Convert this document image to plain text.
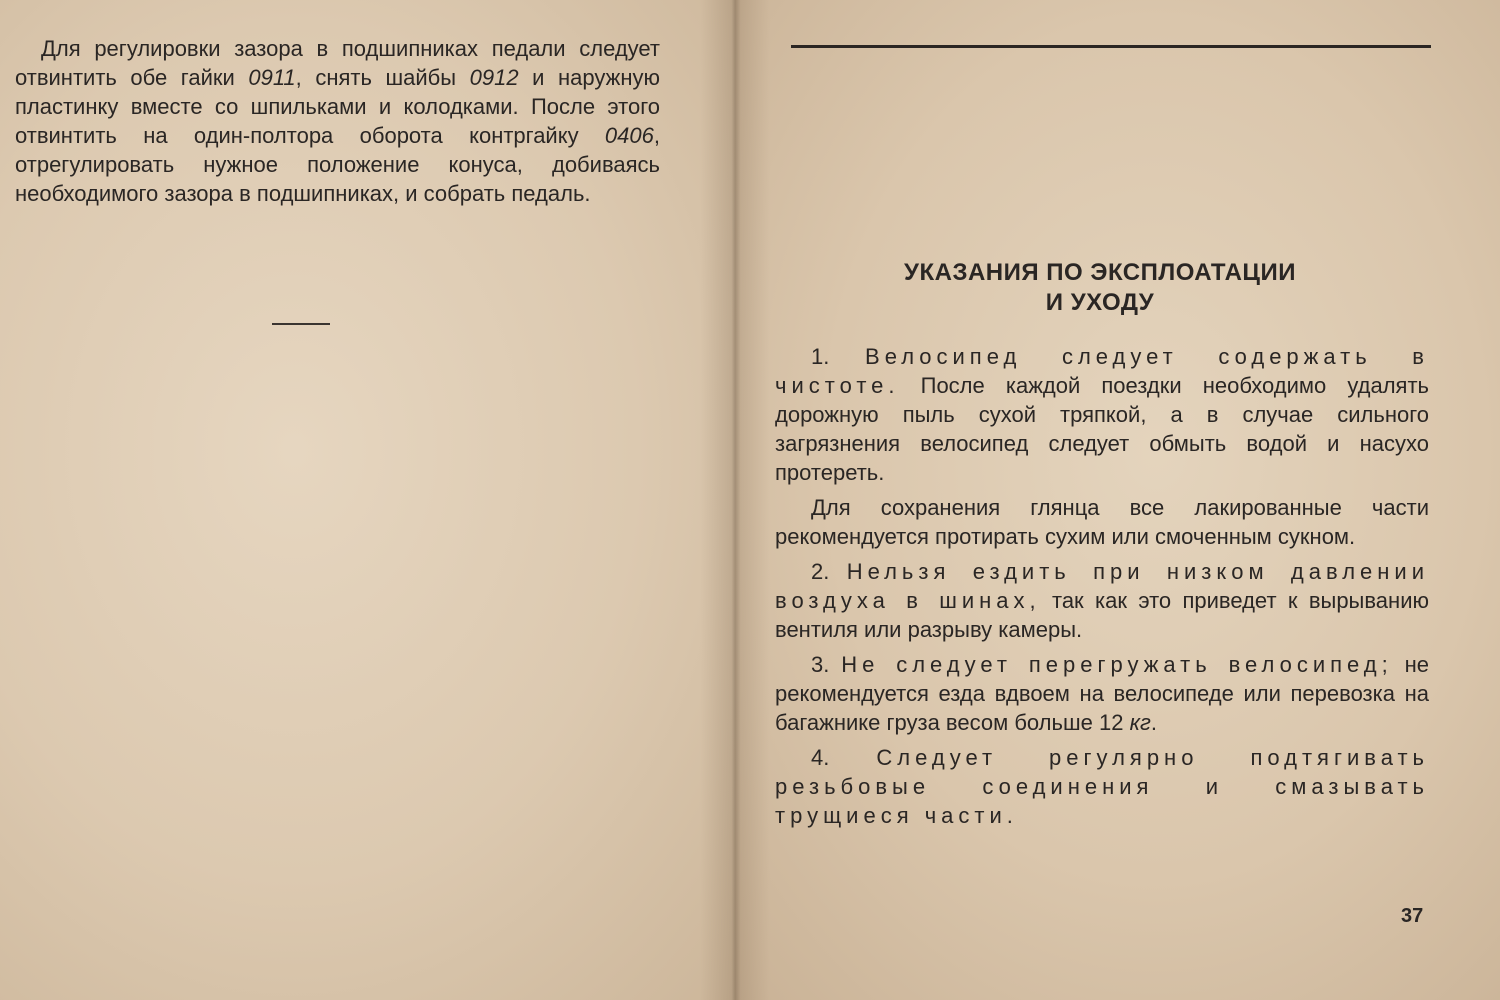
Для регулировки зазора в подшипниках педали следует отвинтить обе гайки 0911, снять шайбы 0912 и наружную пластинку вместе со шпильками и колодками. После этого отвинтить на один-полтора оборота контргайку 0406, отрегулировать нужное положение конуса, добиваясь необходимого зазора в подшипниках, и собрать педаль.

УКАЗАНИЯ ПО ЭКСПЛОАТАЦИИ
И УХОДУ

1. Велосипед следует содержать в чистоте. После каждой поездки необходимо удалять дорожную пыль сухой тряпкой, а в случае сильного загрязнения велосипед следует обмыть водой и насухо протереть.

Для сохранения глянца все лакированные части рекомендуется протирать сухим или смоченным сукном.

2. Нельзя ездить при низком давлении воздуха в шинах, так как это приведет к вырыванию вентиля или разрыву камеры.

3. Не следует перегружать велосипед; не рекомендуется езда вдвоем на велосипеде или перевозка на багажнике груза весом больше 12 кг.

4. Следует регулярно подтягивать резьбовые соединения и смазывать трущиеся части.

37
